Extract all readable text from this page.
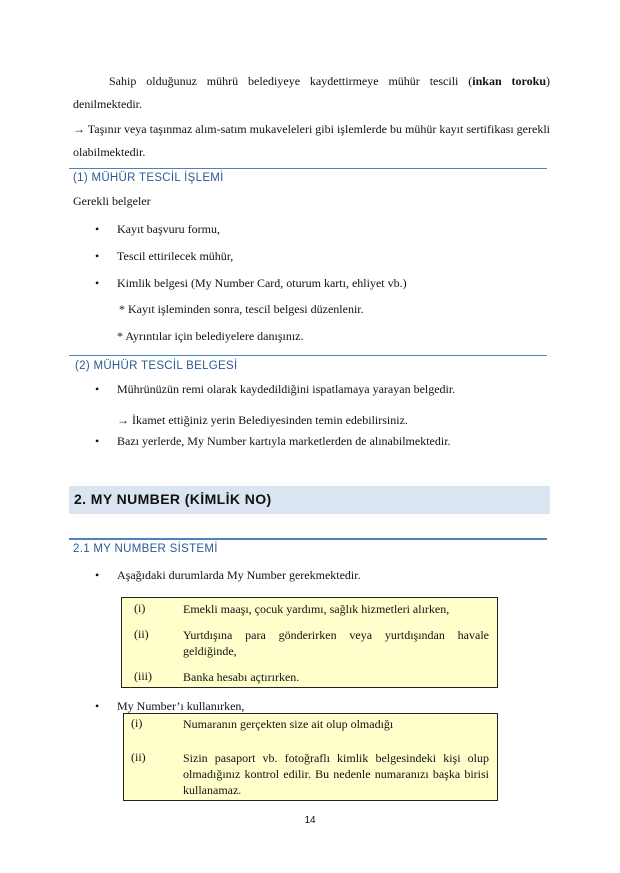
Sahip olduğunuz mührü belediyeye kaydettirmeye mühür tescili (inkan toroku) denilmektedir.
→ Taşınır veya taşınmaz alım-satım mukaveleleri gibi işlemlerde bu mühür kayıt sertifikası gerekli olabilmektedir.
(1) MÜHÜR TESCİL İŞLEMİ
Gerekli belgeler
• Kayıt başvuru formu,
• Tescil ettirilecek mühür,
• Kimlik belgesi (My Number Card, oturum kartı, ehliyet vb.)
* Kayıt işleminden sonra, tescil belgesi düzenlenir.
* Ayrıntılar için belediyelere danışınız.
(2) MÜHÜR TESCİL BELGESİ
• Mührünüzün remi olarak kaydedildiğini ispatlamaya yarayan belgedir.
→ İkamet ettiğiniz yerin Belediyesinden temin edebilirsiniz.
• Bazı yerlerde, My Number kartıyla marketlerden de alınabilmektedir.
2. MY NUMBER (KİMLİK NO)
2.1 MY NUMBER SİSTEMİ
• Aşağıdaki durumlarda My Number gerekmektedir.
(i)	Emekli maaşı, çocuk yardımı, sağlık hizmetleri alırken,
(ii)	Yurtdışına para gönderirken veya yurtdışından havale geldiğinde,
(iii)	Banka hesabı açtırırken.
• My Number’ı kullanırken,
(i)	Numaranın gerçekten size ait olup olmadığı
(ii)	Sizin pasaport vb. fotoğraflı kimlik belgesindeki kişi olup olmadığınız kontrol edilir. Bu nedenle numaranızı başka birisi kullanamaz.
14
